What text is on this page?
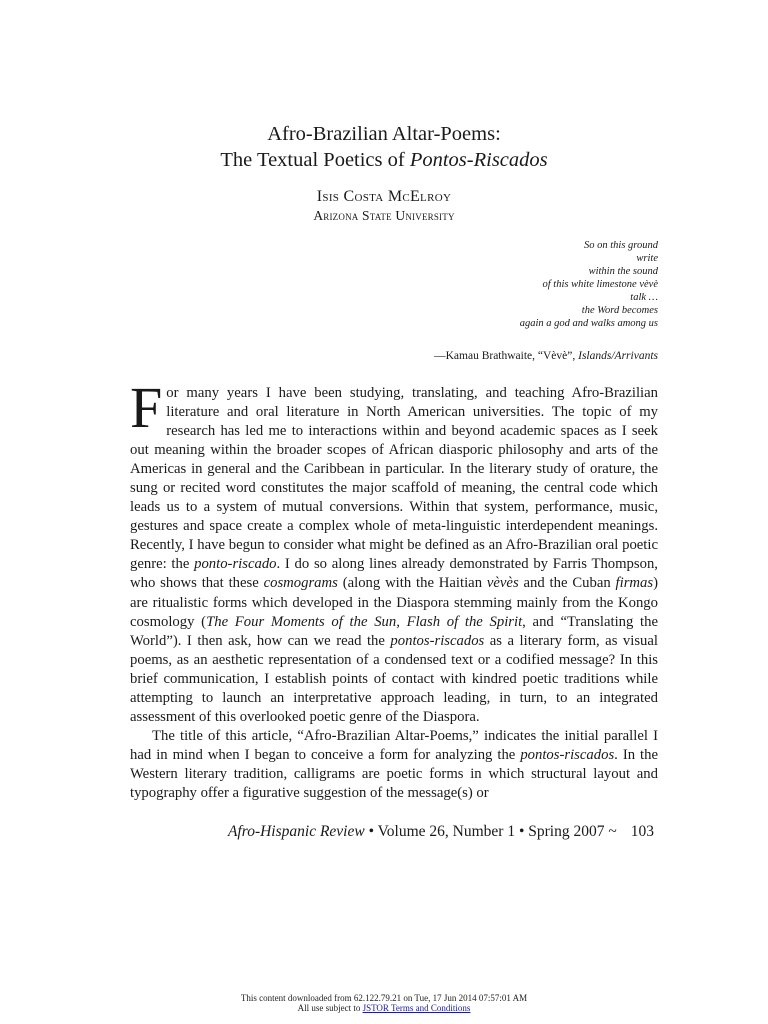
Afro-Brazilian Altar-Poems:
The Textual Poetics of Pontos-Riscados
Isis Costa McElroy
Arizona State University
So on this ground
write
within the sound
of this white limestone vèvè
talk …
the Word becomes
again a god and walks among us
—Kamau Brathwaite, “Vèvè”, Islands/Arrivants

For many years I have been studying, translating, and teaching Afro-Brazilian literature and oral literature in North American universities. The topic of my research has led me to interactions within and beyond academic spaces as I seek out meaning within the broader scopes of African diasporic philosophy and arts of the Americas in general and the Caribbean in particular. In the literary study of orature, the sung or recited word constitutes the major scaffold of meaning, the central code which leads us to a system of mutual conversions. Within that system, performance, music, gestures and space create a complex whole of meta-linguistic interdependent meanings. Recently, I have begun to consider what might be defined as an Afro-Brazilian oral poetic genre: the ponto-riscado. I do so along lines already demonstrated by Farris Thompson, who shows that these cosmograms (along with the Haitian vèvès and the Cuban firmas) are ritualistic forms which developed in the Diaspora stemming mainly from the Kongo cosmology (The Four Moments of the Sun, Flash of the Spirit, and “Translating the World”). I then ask, how can we read the pontos-riscados as a literary form, as visual poems, as an aesthetic representation of a condensed text or a codified message? In this brief communication, I establish points of contact with kindred poetic traditions while attempting to launch an interpretative approach leading, in turn, to an integrated assessment of this overlooked poetic genre of the Diaspora.

The title of this article, “Afro-Brazilian Altar-Poems,” indicates the initial parallel I had in mind when I began to conceive a form for analyzing the pontos-riscados. In the Western literary tradition, calligrams are poetic forms in which structural layout and typography offer a figurative suggestion of the message(s) or

Afro-Hispanic Review • Volume 26, Number 1 • Spring 2007 ~ 103
This content downloaded from 62.122.79.21 on Tue, 17 Jun 2014 07:57:01 AM
All use subject to JSTOR Terms and Conditions
